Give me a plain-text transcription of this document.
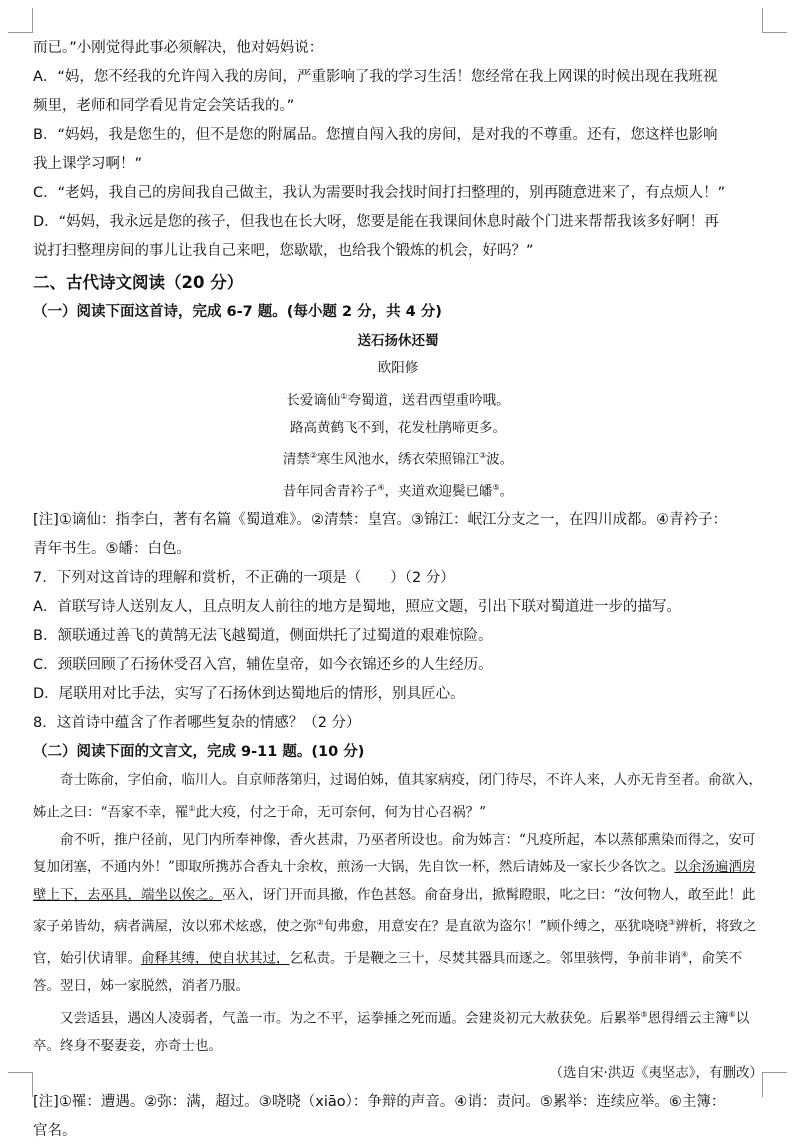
而已。”小刚觉得此事必须解决，他对妈妈说：
A．“妈，您不经我的允许闯入我的房间，严重影响了我的学习生活！您经常在我上网课的时候出现在我班视
频里，老师和同学看见肯定会笑话我的。”
B．“妈妈，我是您生的，但不是您的附属品。您擅自闯入我的房间，是对我的不尊重。还有，您这样也影响
我上课学习啊！”
C．“老妈，我自己的房间我自己做主，我认为需要时我会找时间打扫整理的，别再随意进来了，有点烦人！”
D．“妈妈，我永远是您的孩子，但我也在长大呀，您要是能在我课间休息时敲个门进来帮帮我该多好啊！再
说打扫整理房间的事儿让我自己来吧，您歇歇，也给我个锻炼的机会，好吗？”
二、古代诗文阅读（20 分）
（一）阅读下面这首诗，完成 6-7 题。(每小题 2 分，共 4 分)
送石扬休还蜀
欧阳修
长爱谪仙①夸蜀道，送君西望重吟哦。
路高黄鹤飞不到，花发杜鹃啼更多。
清禁②寒生风池水，绣衣荣照锦江③波。
昔年同舍青衿子④，夹道欢迎鬓已皤⑤。
[注]①谪仙：指李白，著有名篇《蜀道难》。②清禁：皇宫。③锦江：岷江分支之一，在四川成都。④青衿子：
青年书生。⑤皤：白色。
7．下列对这首诗的理解和赏析，不正确的一项是（　　）（2 分）
A．首联写诗人送别友人，且点明友人前往的地方是蜀地，照应文题，引出下联对蜀道进一步的描写。
B．颔联通过善飞的黄鹄无法飞越蜀道，侧面烘托了过蜀道的艰难惊险。
C．颈联回顾了石扬休受召入宫，辅佐皇帝，如今衣锦还乡的人生经历。
D．尾联用对比手法，实写了石扬休到达蜀地后的情形，别具匠心。
8．这首诗中蕴含了作者哪些复杂的情感？（2 分）
（二）阅读下面的文言文，完成 9-11 题。(10 分)
奇士陈俞，字伯俞，临川人。自京师落第归，过谒伯姊，值其家病疫，闭门待尽，不许人来，人亦无肯至者。俞欲入，姊止之曰：“吾家不幸，罹①此大疫，付之于命，无可奈何，何为甘心召祸？”
俞不听，推户径前，见门内所奉神像，香火甚肃，乃巫者所设也。俞为姊言：“凡疫所起，本以蒸郁熏染而得之，安可复加闭塞，不通内外！”即取所携苏合香丸十余枚，煎汤一大锅，先自饮一杯，然后请姊及一家长少各饮之。以余汤遍洒房壁上下，去巫具，端坐以俟之。巫入，讶门开而具撤，作色甚怒。俞奋身出，掀髯瞪眼，叱之曰：“汝何物人，敢至此！此家子弟皆幼，病者满屋，汝以邪术炫惑，使之弥②旬弗愈，用意安在？是直欲为盗尔！”顾仆缚之，巫犹哓哓③辨析，将致之官，始引伏请罪。俞释其缚，使自状其过，乞私责。于是鞭之三十，尽焚其器具而逐之。邻里骇愕，争前非诮④，俞笑不答。翌日，姊一家脱然，消者乃服。
又尝适县，遇凶人凌弱者，气盖一市。为之不平，运拳捶之死而遁。会建炎初元大赦获免。后累举⑤恩得缙云主簿⑥以卒。终身不娶妻妾，亦奇士也。
（选自宋·洪迈《夷坚志》，有删改）
[注]①罹：遭遇。②弥：满，超过。③哓哓（xiāo）：争辩的声音。④诮：责问。⑤累举：连续应举。⑥主簿：
官名。
